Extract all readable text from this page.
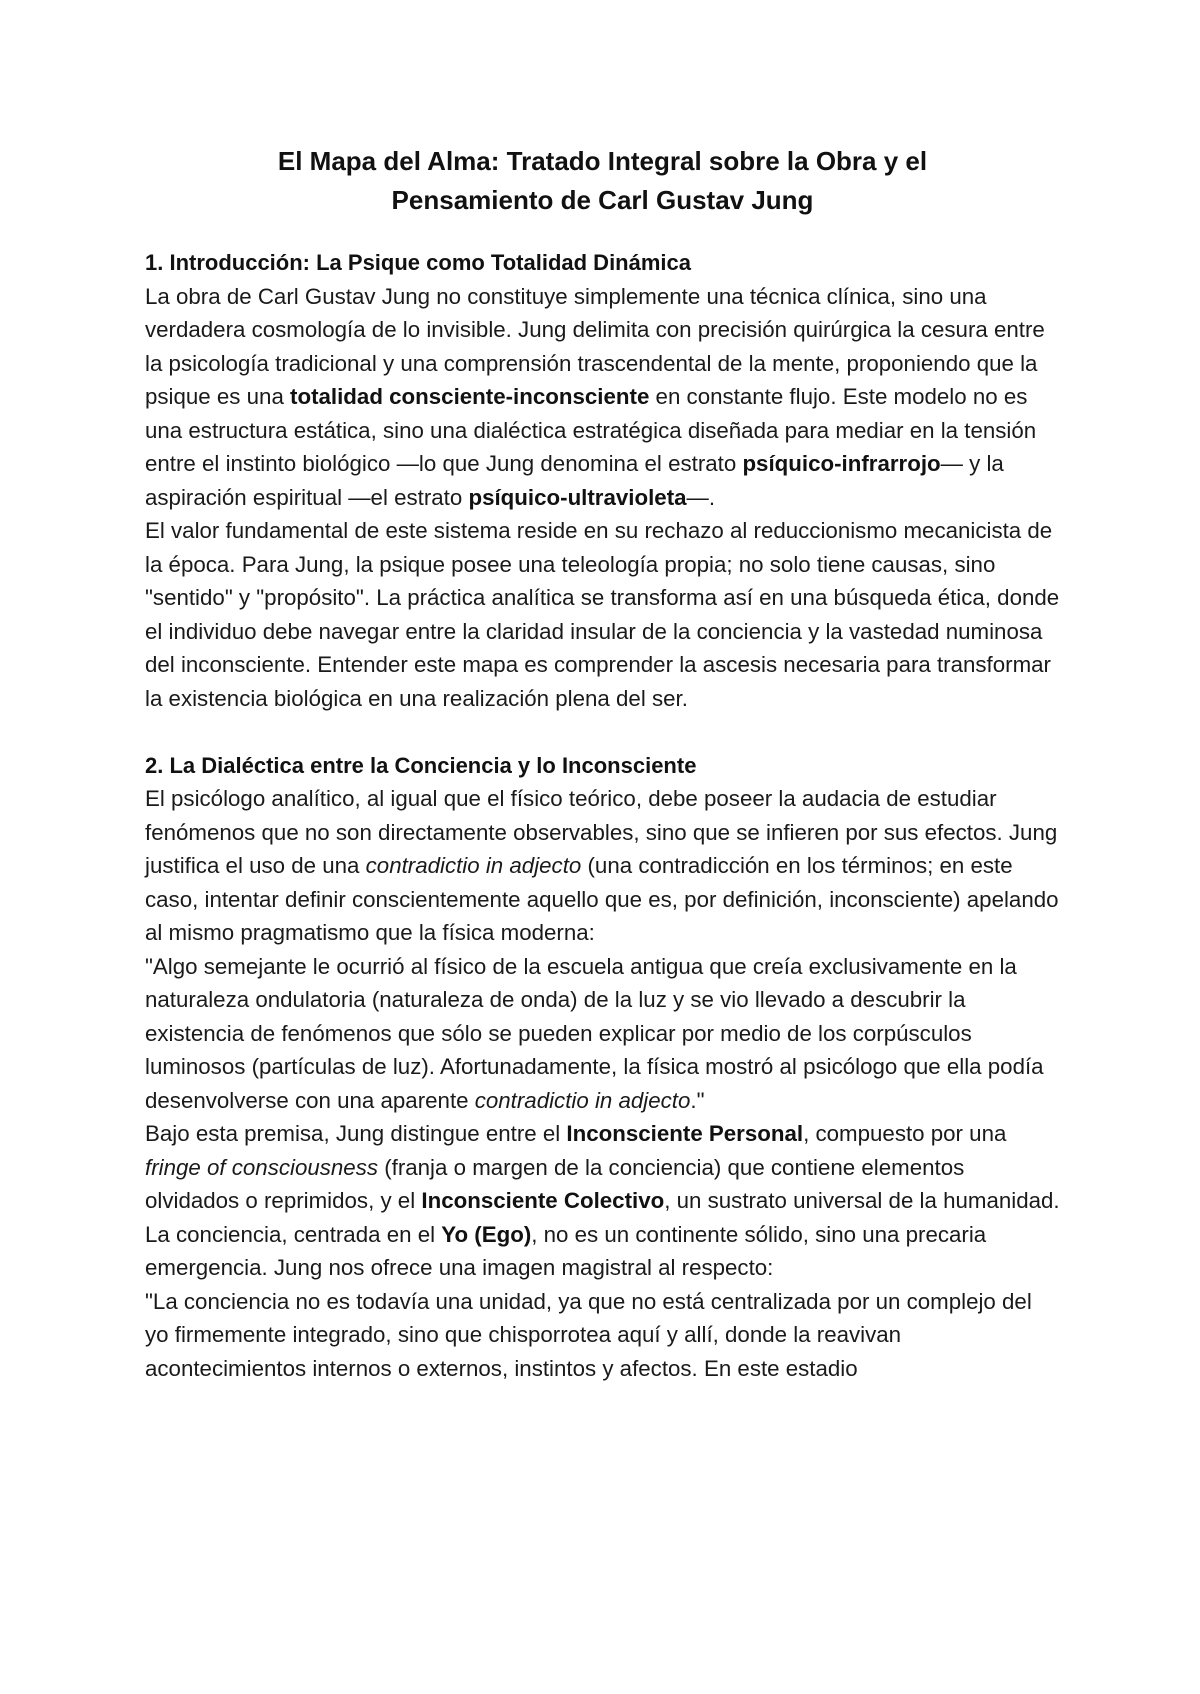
El Mapa del Alma: Tratado Integral sobre la Obra y el
Pensamiento de Carl Gustav Jung
1. Introducción: La Psique como Totalidad Dinámica

La obra de Carl Gustav Jung no constituye simplemente una técnica clínica, sino una verdadera cosmología de lo invisible. Jung delimita con precisión quirúrgica la cesura entre la psicología tradicional y una comprensión trascendental de la mente, proponiendo que la psique es una totalidad consciente-inconsciente en constante flujo. Este modelo no es una estructura estática, sino una dialéctica estratégica diseñada para mediar en la tensión entre el instinto biológico —lo que Jung denomina el estrato psíquico-infrarrojo— y la aspiración espiritual —el estrato psíquico-ultravioleta—.

El valor fundamental de este sistema reside en su rechazo al reduccionismo mecanicista de la época. Para Jung, la psique posee una teleología propia; no solo tiene causas, sino "sentido" y "propósito". La práctica analítica se transforma así en una búsqueda ética, donde el individuo debe navegar entre la claridad insular de la conciencia y la vastedad numinosa del inconsciente. Entender este mapa es comprender la ascesis necesaria para transformar la existencia biológica en una realización plena del ser.

2. La Dialéctica entre la Conciencia y lo Inconsciente

El psicólogo analítico, al igual que el físico teórico, debe poseer la audacia de estudiar fenómenos que no son directamente observables, sino que se infieren por sus efectos. Jung justifica el uso de una contradictio in adjecto (una contradicción en los términos; en este caso, intentar definir conscientemente aquello que es, por definición, inconsciente) apelando al mismo pragmatismo que la física moderna:

"Algo semejante le ocurrió al físico de la escuela antigua que creía exclusivamente en la naturaleza ondulatoria (naturaleza de onda) de la luz y se vio llevado a descubrir la existencia de fenómenos que sólo se pueden explicar por medio de los corpúsculos luminosos (partículas de luz). Afortunadamente, la física mostró al psicólogo que ella podía desenvolverse con una aparente contradictio in adjecto."

Bajo esta premisa, Jung distingue entre el Inconsciente Personal, compuesto por una fringe of consciousness (franja o margen de la conciencia) que contiene elementos olvidados o reprimidos, y el Inconsciente Colectivo, un sustrato universal de la humanidad. La conciencia, centrada en el Yo (Ego), no es un continente sólido, sino una precaria emergencia. Jung nos ofrece una imagen magistral al respecto:

"La conciencia no es todavía una unidad, ya que no está centralizada por un complejo del yo firmemente integrado, sino que chisporrotea aquí y allí, donde la reavivan acontecimientos internos o externos, instintos y afectos. En este estadio
